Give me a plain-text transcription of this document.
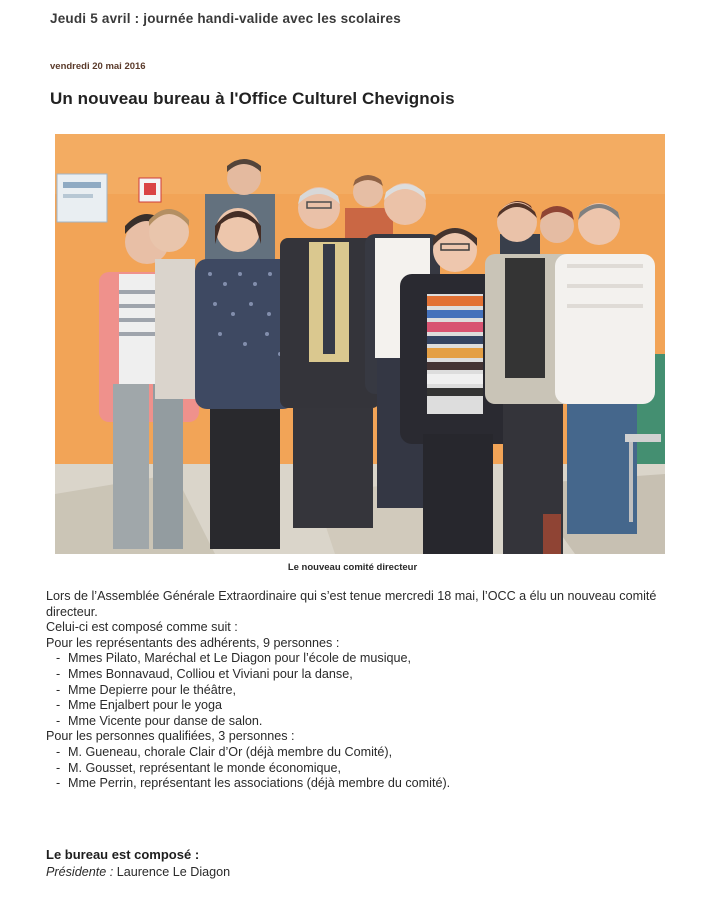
Jeudi 5 avril : journée handi-valide avec les scolaires
vendredi 20 mai 2016
Un nouveau bureau à l'Office Culturel Chevignois
Le nouveau comité directeur

Lors de l’Assemblée Générale Extraordinaire qui s’est tenue mercredi 18 mai, l’OCC a élu un nouveau comité directeur.

Celui-ci est composé comme suit :

Pour les représentants des adhérents, 9 personnes :

- Mmes Pilato, Maréchal et Le Diagon pour l’école de musique,
- Mmes Bonnavaud, Colliou et Viviani pour la danse,
- Mme Depierre pour le théâtre,
- Mme Enjalbert pour le yoga
- Mme Vicente pour danse de salon.

Pour les personnes qualifiées, 3 personnes :

- M. Gueneau, chorale Clair d’Or (déjà membre du Comité),
- M. Gousset, représentant le monde économique,
- Mme Perrin, représentant les associations (déjà membre du comité).
Le bureau est composé :
Présidente : Laurence Le Diagon
